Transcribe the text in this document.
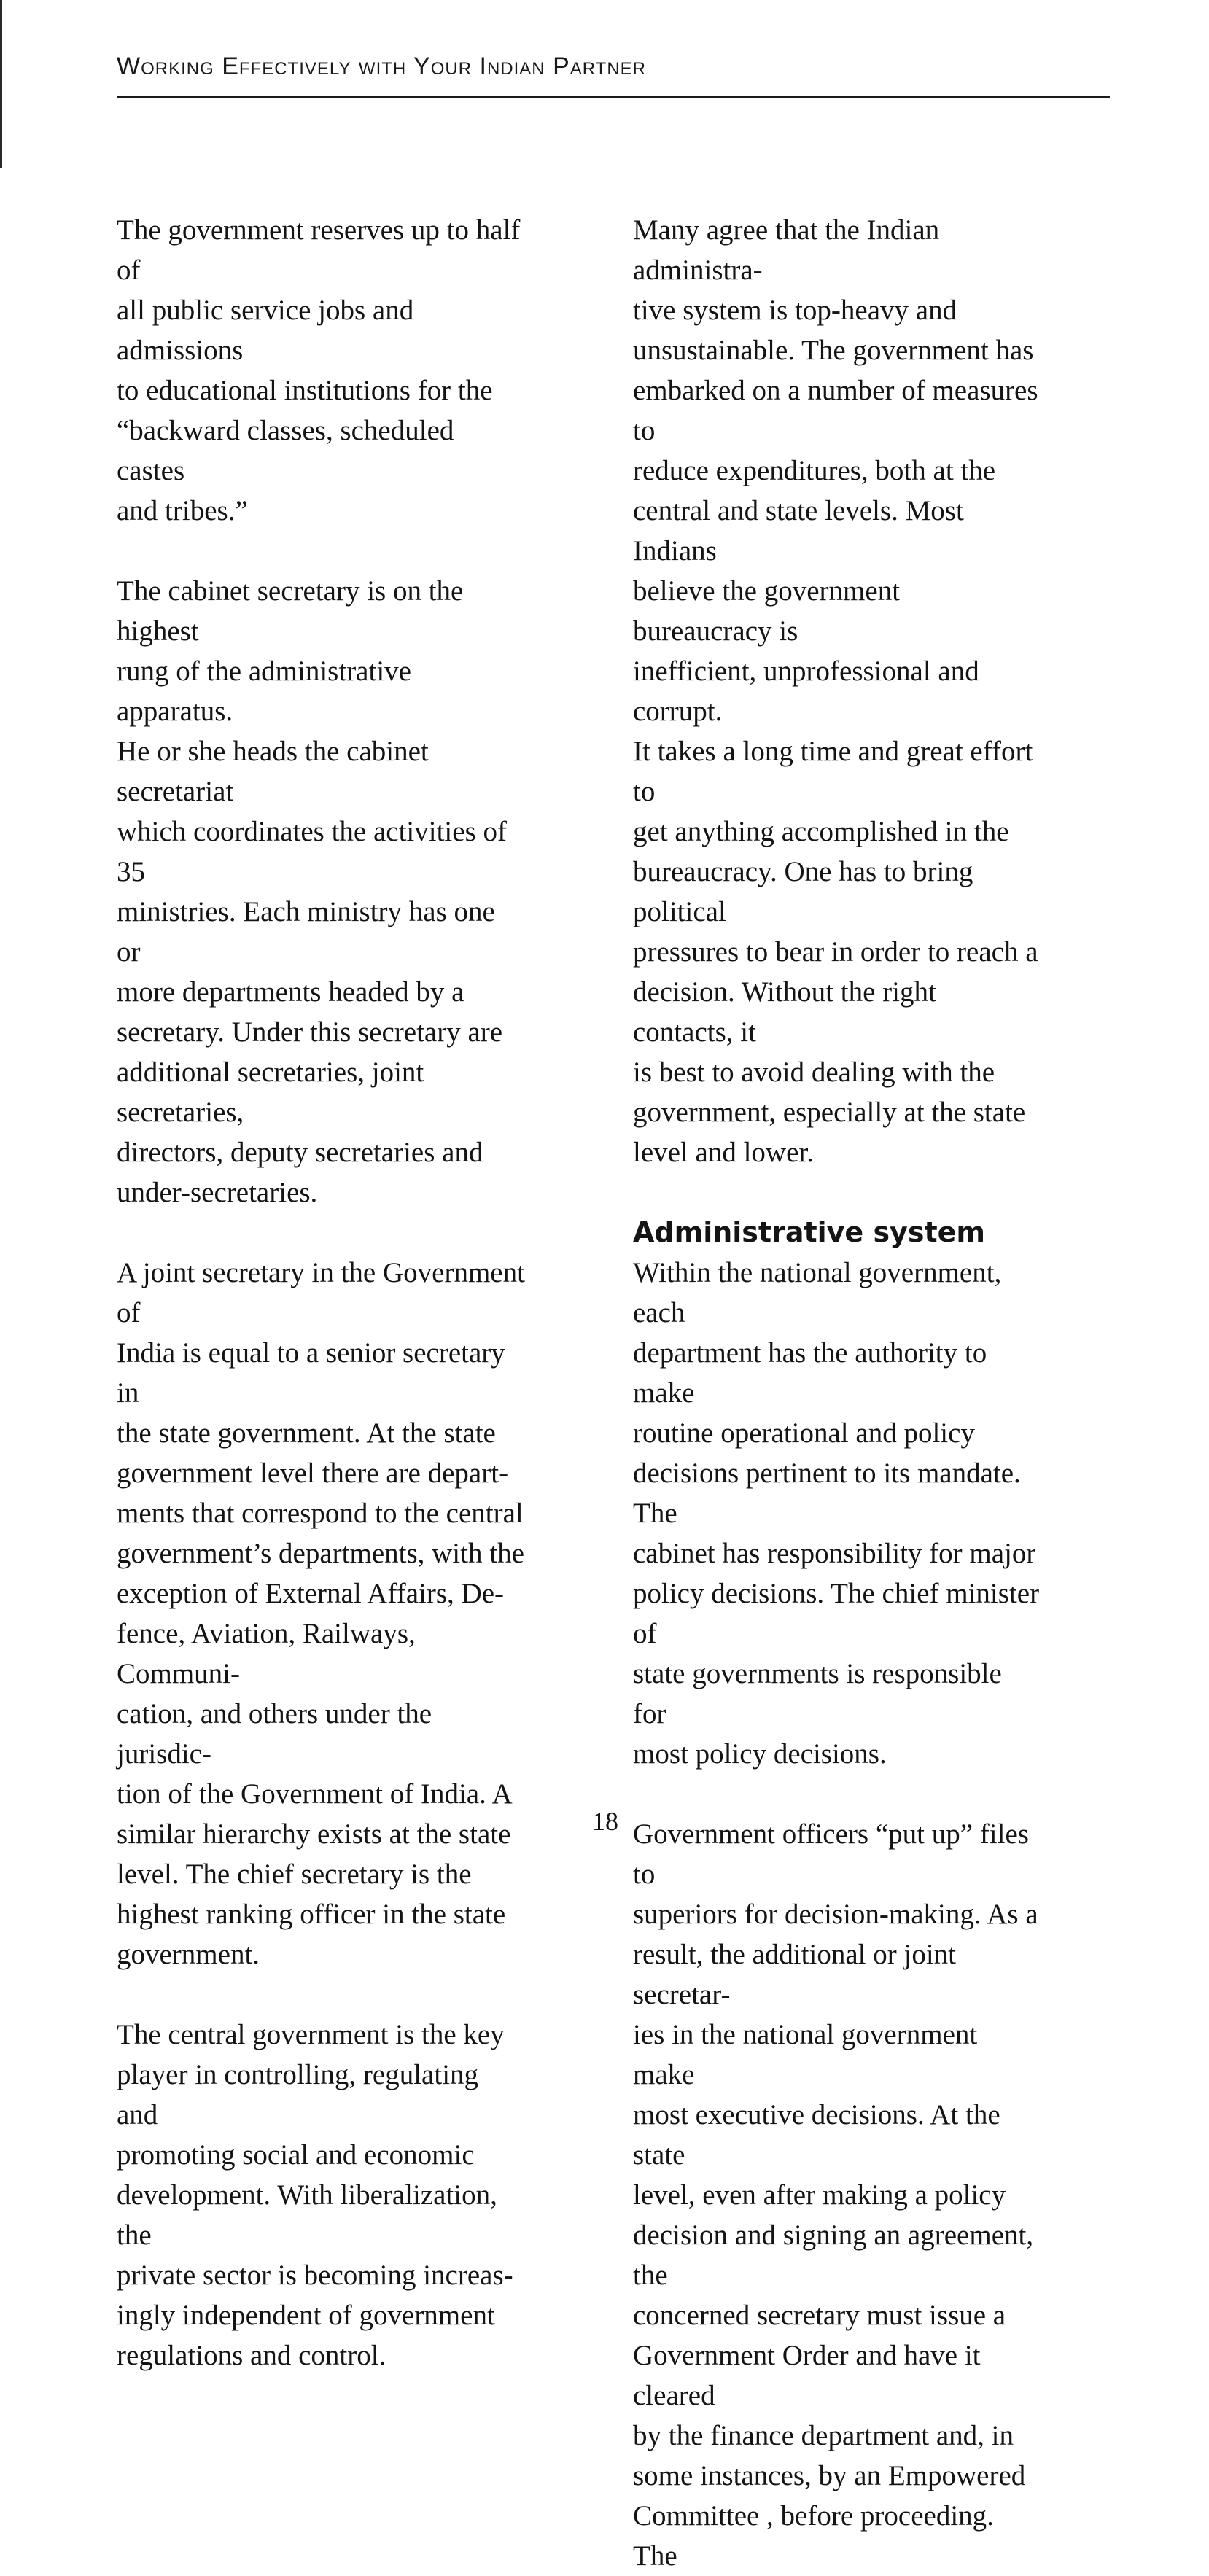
Working Effectively with Your Indian Partner

The government reserves up to half of
all public service jobs and admissions
to educational institutions for the
“backward classes, scheduled castes
and tribes.”

The cabinet secretary is on the highest
rung of the administrative apparatus.
He or she heads the cabinet secretariat
which coordinates the activities of 35
ministries. Each ministry has one or
more departments headed by a
secretary. Under this secretary are
additional secretaries, joint secretaries,
directors, deputy secretaries and
under-secretaries.

A joint secretary in the Government of
India is equal to a senior secretary in
the state government. At the state
government level there are depart-
ments that correspond to the central
government’s departments, with the
exception of External Affairs, De-
fence, Aviation, Railways, Communi-
cation, and others under the jurisdic-
tion of the Government of India. A
similar hierarchy exists at the state
level. The chief secretary is the
highest ranking officer in the state
government.

The central government is the key
player in controlling, regulating and
promoting social and economic
development. With liberalization, the
private sector is becoming increas-
ingly independent of government
regulations and control.

Many agree that the Indian administra-
tive system is top-heavy and
unsustainable. The government has
embarked on a number of measures to
reduce expenditures, both at the
central and state levels. Most Indians
believe the government bureaucracy is
inefficient, unprofessional and corrupt.
It takes a long time and great effort to
get anything accomplished in the
bureaucracy. One has to bring political
pressures to bear in order to reach a
decision. Without the right contacts, it
is best to avoid dealing with the
government, especially at the state
level and lower.

Administrative system

Within the national government, each
department has the authority to make
routine operational and policy
decisions pertinent to its mandate. The
cabinet has responsibility for major
policy decisions. The chief minister of
state governments is responsible for
most policy decisions.

Government officers “put up” files to
superiors for decision-making. As a
result, the additional or joint secretar-
ies in the national government make
most executive decisions. At the state
level, even after making a policy
decision and signing an agreement, the
concerned secretary must issue a
Government Order and have it cleared
by the finance department and, in
some instances, by an Empowered
Committee , before proceeding. The

18
